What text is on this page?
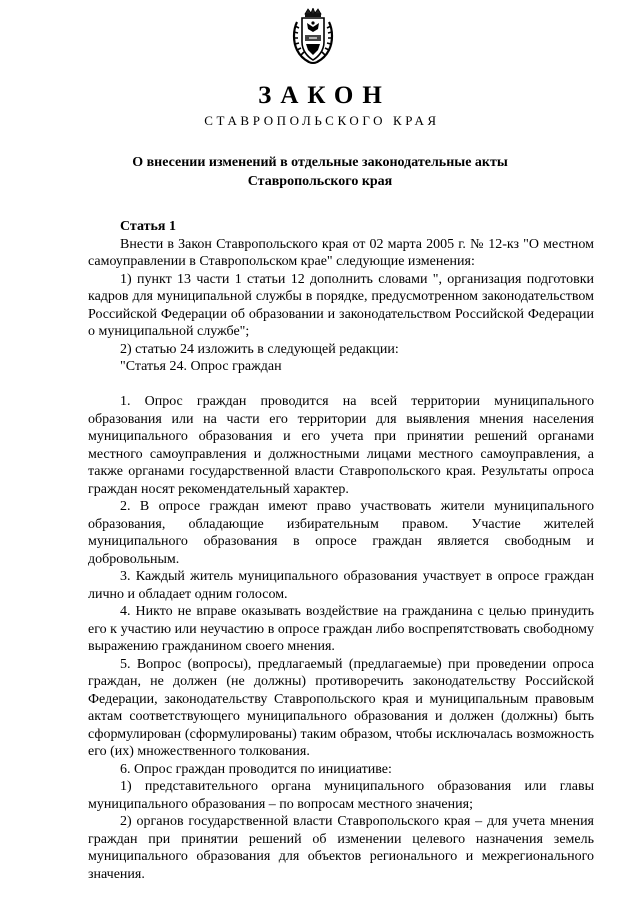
ЗАКОН
СТАВРОПОЛЬСКОГО КРАЯ
О внесении изменений в отдельные законодательные акты
Ставропольского края

Статья 1

Внести в Закон Ставропольского края от 02 марта 2005 г. № 12-кз "О местном самоуправлении в Ставропольском крае" следующие изменения:

1) пункт 13 части 1 статьи 12 дополнить словами ", организация подготовки кадров для муниципальной службы в порядке, предусмотренном законодательством Российской Федерации об образовании и законодательством Российской Федерации о муниципальной службе";

2) статью 24 изложить в следующей редакции:

"Статья 24. Опрос граждан

1. Опрос граждан проводится на всей территории муниципального образования или на части его территории для выявления мнения населения муниципального образования и его учета при принятии решений органами местного самоуправления и должностными лицами местного самоуправления, а также органами государственной власти Ставропольского края. Результаты опроса граждан носят рекомендательный характер.

2. В опросе граждан имеют право участвовать жители муниципального образования, обладающие избирательным правом. Участие жителей муниципального образования в опросе граждан является свободным и добровольным.

3. Каждый житель муниципального образования участвует в опросе граждан лично и обладает одним голосом.

4. Никто не вправе оказывать воздействие на гражданина с целью принудить его к участию или неучастию в опросе граждан либо воспрепятствовать свободному выражению гражданином своего мнения.

5. Вопрос (вопросы), предлагаемый (предлагаемые) при проведении опроса граждан, не должен (не должны) противоречить законодательству Российской Федерации, законодательству Ставропольского края и муниципальным правовым актам соответствующего муниципального образования и должен (должны) быть сформулирован (сформулированы) таким образом, чтобы исключалась возможность его (их) множественного толкования.

6. Опрос граждан проводится по инициативе:

1) представительного органа муниципального образования или главы муниципального образования – по вопросам местного значения;

2) органов государственной власти Ставропольского края – для учета мнения граждан при принятии решений об изменении целевого назначения земель муниципального образования для объектов регионального и межрегионального значения.
